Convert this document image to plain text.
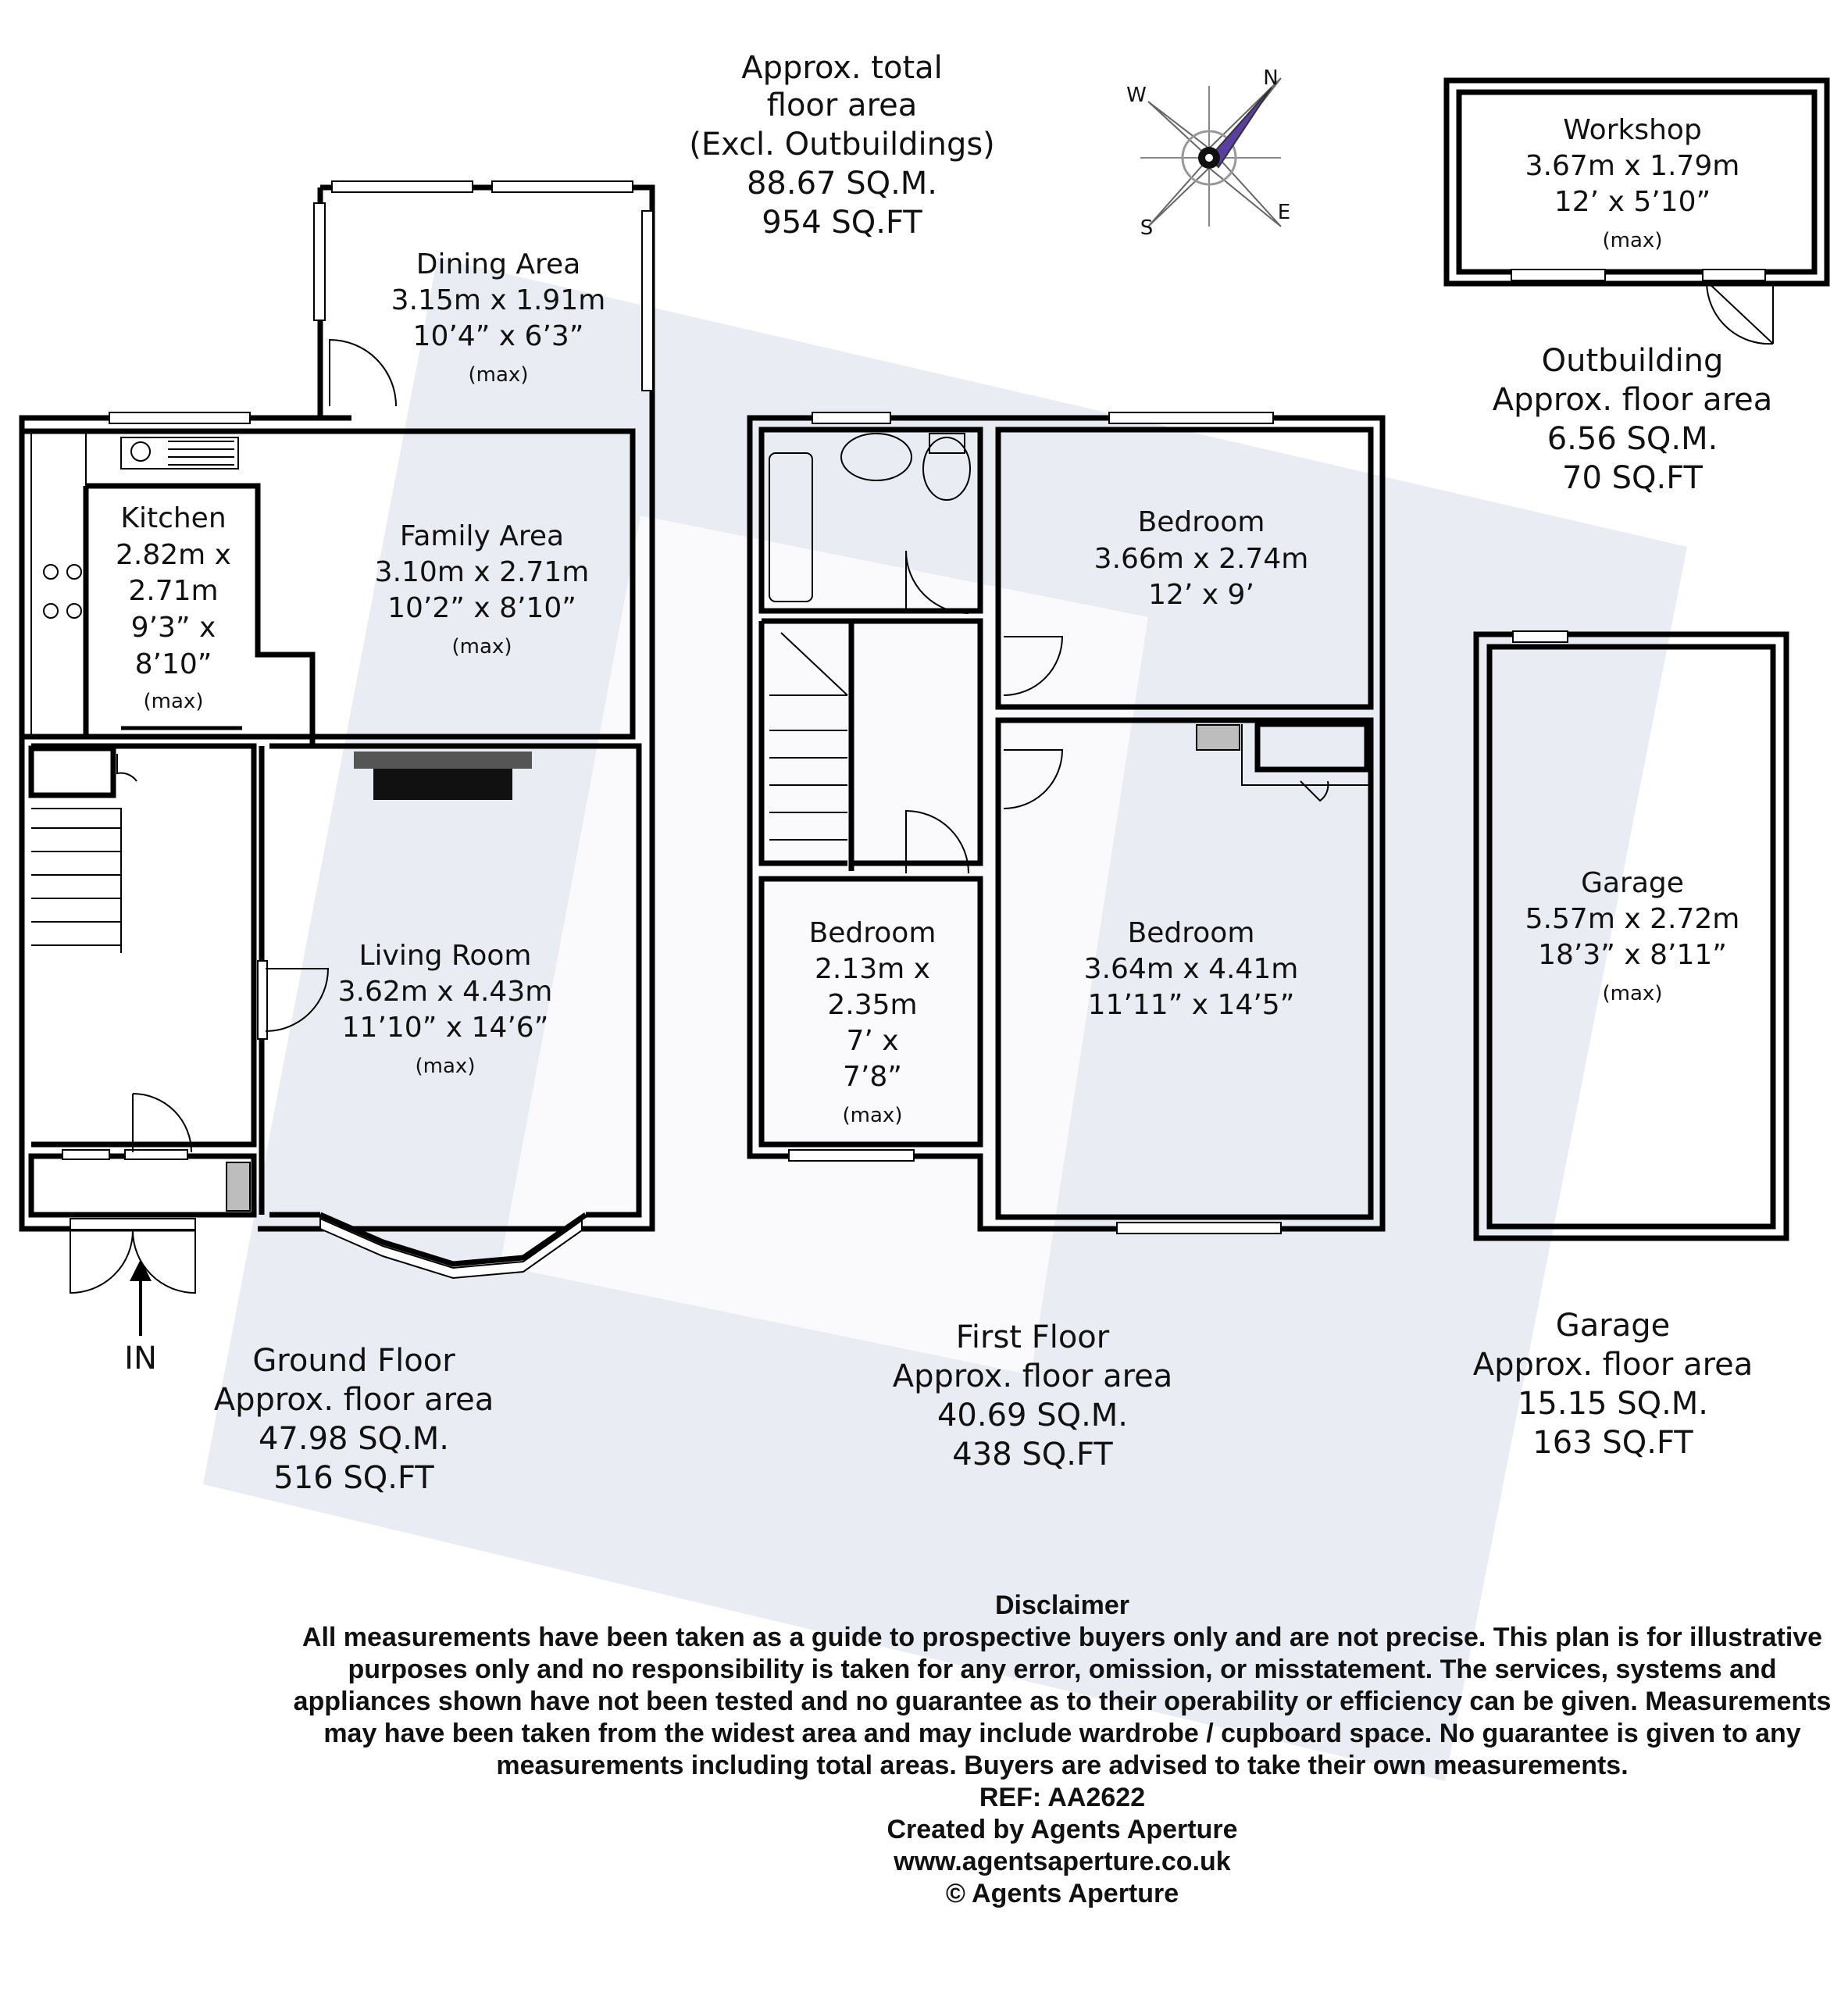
N
E
S
W
Approx. total
floor area
(Excl. Outbuildings)
88.67 SQ.M.
954 SQ.FT
Dining Area
3.15m x 1.91m
10’4” x 6’3”
(max)
Family Area
3.10m x 2.71m
10’2” x 8’10”
(max)
Kitchen
2.82m x
2.71m
9’3” x
8’10”
(max)
Living Room
3.62m x 4.43m
11’10” x 14’6”
(max)
Bedroom
3.66m x 2.74m
12’ x 9’
Bedroom
3.64m x 4.41m
11’11” x 14’5”
Bedroom
2.13m x
2.35m
7’ x
7’8”
(max)
Workshop
3.67m x 1.79m
12’ x 5’10”
(max)
Garage
5.57m x 2.72m
18’3” x 8’11”
(max)
IN
Outbuilding
Approx. floor area
6.56 SQ.M.
70 SQ.FT
Ground Floor
Approx. floor area
47.98 SQ.M.
516 SQ.FT
First Floor
Approx. floor area
40.69 SQ.M.
438 SQ.FT
Garage
Approx. floor area
15.15 SQ.M.
163 SQ.FT
Disclaimer
All measurements have been taken as a guide to prospective buyers only and are not precise. This plan is for illustrative purposes only and no responsibility is taken for any error, omission, or misstatement. The services, systems and appliances shown have not been tested and no guarantee as to their operability or efficiency can be given. Measurements may have been taken from the widest area and may include wardrobe / cupboard space. No guarantee is given to any measurements including total areas. Buyers are advised to take their own measurements.
REF: AA2622
Created by Agents Aperture
www.agentsaperture.co.uk
© Agents Aperture
